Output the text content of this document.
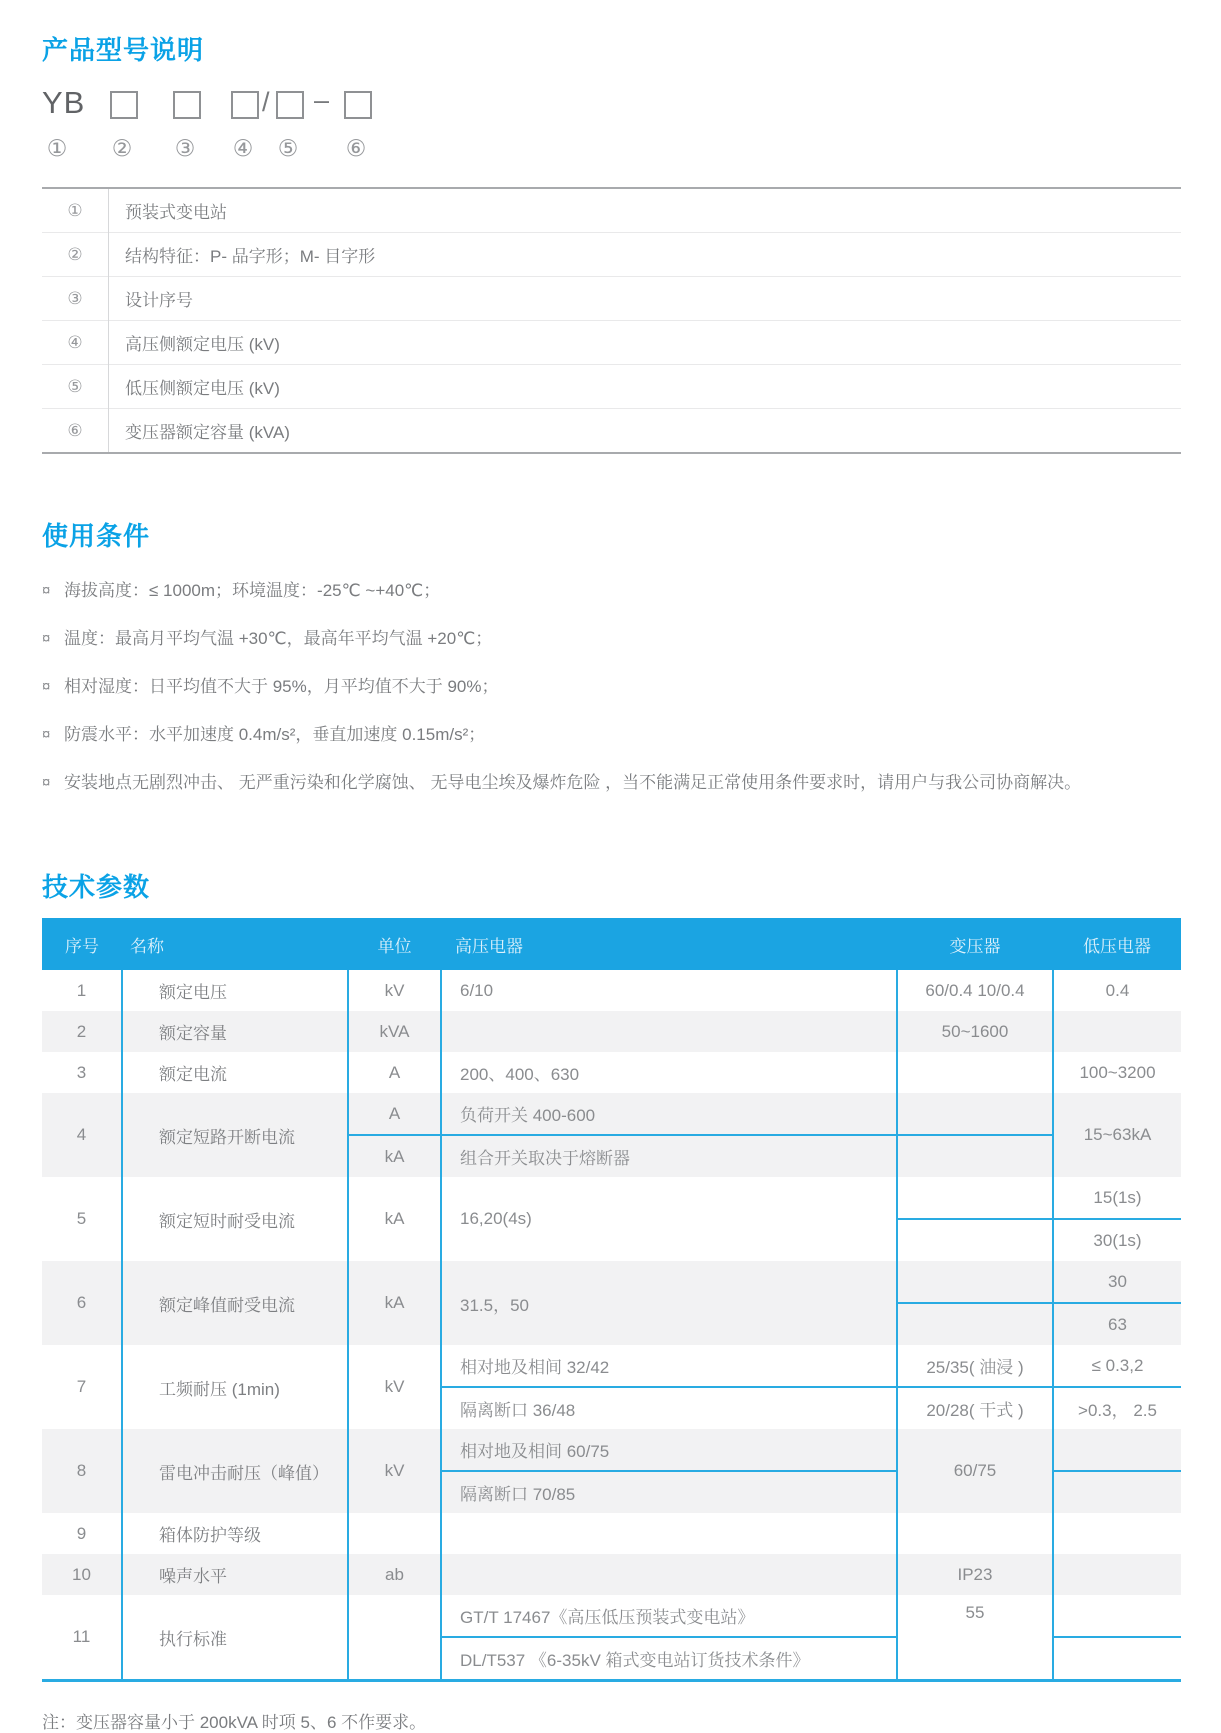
产品型号说明
YB	/ –
① ② ③ ④ ⑤ ⑥
①	预装式变电站
②	结构特征：P- 品字形；M- 目字形
③	设计序号
④	高压侧额定电压 (kV)
⑤	低压侧额定电压 (kV)
⑥	变压器额定容量 (kVA)
使用条件
¤ 海拔高度：≤ 1000m；环境温度：-25℃ ~+40℃；
¤ 温度：最高月平均气温 +30℃，最高年平均气温 +20℃；
¤ 相对湿度：日平均值不大于 95%，月平均值不大于 90%；
¤ 防震水平：水平加速度 0.4m/s²，垂直加速度 0.15m/s²；
¤ 安装地点无剧烈冲击、 无严重污染和化学腐蚀、 无导电尘埃及爆炸危险 ，当不能满足正常使用条件要求时，请用户与我公司协商解决。
技术参数
序号	名称	单位	高压电器	变压器	低压电器
1	额定电压	kV	6/10	60/0.4 10/0.4	0.4
2	额定容量	kVA		50~1600	
3	额定电流	A	200、400、630		100~3200
4	额定短路开断电流	A	负荷开关 400-600		15~63kA
		kA	组合开关取决于熔断器		
5	额定短时耐受电流	kA	16,20(4s)		15(1s)
					30(1s)
6	额定峰值耐受电流	kA	31.5，50		30
					63
7	工频耐压 (1min)	kV	相对地及相间 32/42	25/35( 油浸 )	≤ 0.3,2
			隔离断口 36/48	20/28( 干式 )	>0.3， 2.5
8	雷电冲击耐压（峰值）	kV	相对地及相间 60/75	60/75	
			隔离断口 70/85		
9	箱体防护等级				
10	噪声水平	ab		IP23	
11	执行标准		GT/T 17467《高压低压预装式变电站》	55	
			DL/T537 《6-35kV 箱式变电站订货技术条件》		

注：变压器容量小于 200kVA 时项 5、6 不作要求。
